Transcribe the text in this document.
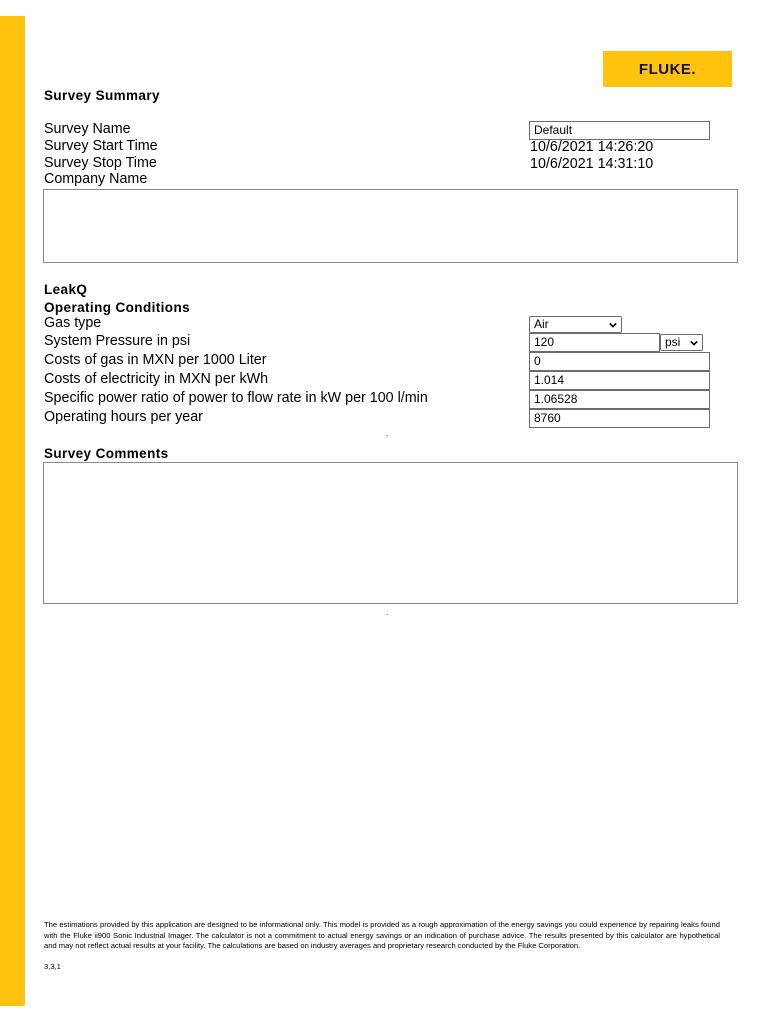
FLUKE.
Survey Summary
Survey Name	Default
Survey Start Time	10/6/2021 14:26:20
Survey Stop Time	10/6/2021 14:31:10
Company Name
LeakQ
Operating Conditions
Gas type	Air
System Pressure in psi	120	psi
Costs of gas in MXN per 1000 Liter	0
Costs of electricity in MXN per kWh	1.014
Specific power ratio of power to flow rate in kW per 100 l/min	1.06528
Operating hours per year	8760
.
Survey Comments
.
The estimations provided by this application are designed to be informational only. This model is provided as a rough approximation of the energy savings you could experience by repairing leaks found with the Fluke ii900 Sonic Industrial Imager. The calculator is not a commitment to actual energy savings or an indication of purchase advice. The results presented by this calculator are hypothetical and may not reflect actual results at your facility. The calculations are based on industry averages and proprietary research conducted by the Fluke Corporation.
3,3,1
